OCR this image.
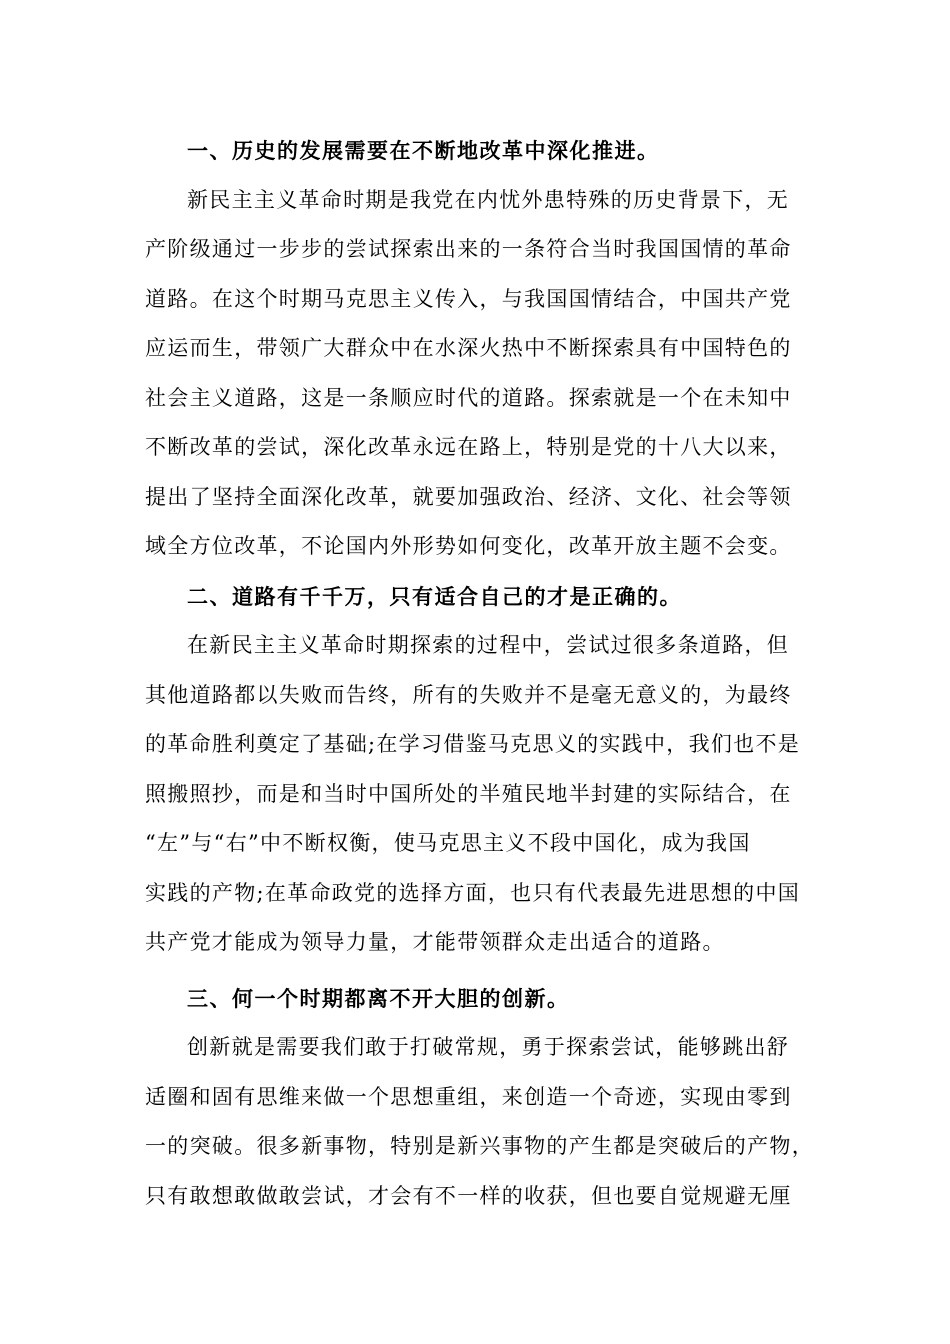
一、历史的发展需要在不断地改革中深化推进。
新民主主义革命时期是我党在内忧外患特殊的历史背景下，无
产阶级通过一步步的尝试探索出来的一条符合当时我国国情的革命
道路。在这个时期马克思主义传入，与我国国情结合，中国共产党
应运而生，带领广大群众中在水深火热中不断探索具有中国特色的
社会主义道路，这是一条顺应时代的道路。探索就是一个在未知中
不断改革的尝试，深化改革永远在路上，特别是党的十八大以来，
提出了坚持全面深化改革，就要加强政治、经济、文化、社会等领
域全方位改革，不论国内外形势如何变化，改革开放主题不会变。
二、道路有千千万，只有适合自己的才是正确的。
在新民主主义革命时期探索的过程中，尝试过很多条道路，但
其他道路都以失败而告终，所有的失败并不是毫无意义的，为最终
的革命胜利奠定了基础;在学习借鉴马克思义的实践中，我们也不是
照搬照抄，而是和当时中国所处的半殖民地半封建的实际结合，在
“左”与“右”中不断权衡，使马克思主义不段中国化，成为我国
实践的产物;在革命政党的选择方面，也只有代表最先进思想的中国
共产党才能成为领导力量，才能带领群众走出适合的道路。
三、何一个时期都离不开大胆的创新。
创新就是需要我们敢于打破常规，勇于探索尝试，能够跳出舒
适圈和固有思维来做一个思想重组，来创造一个奇迹，实现由零到
一的突破。很多新事物，特别是新兴事物的产生都是突破后的产物，
只有敢想敢做敢尝试，才会有不一样的收获，但也要自觉规避无厘
